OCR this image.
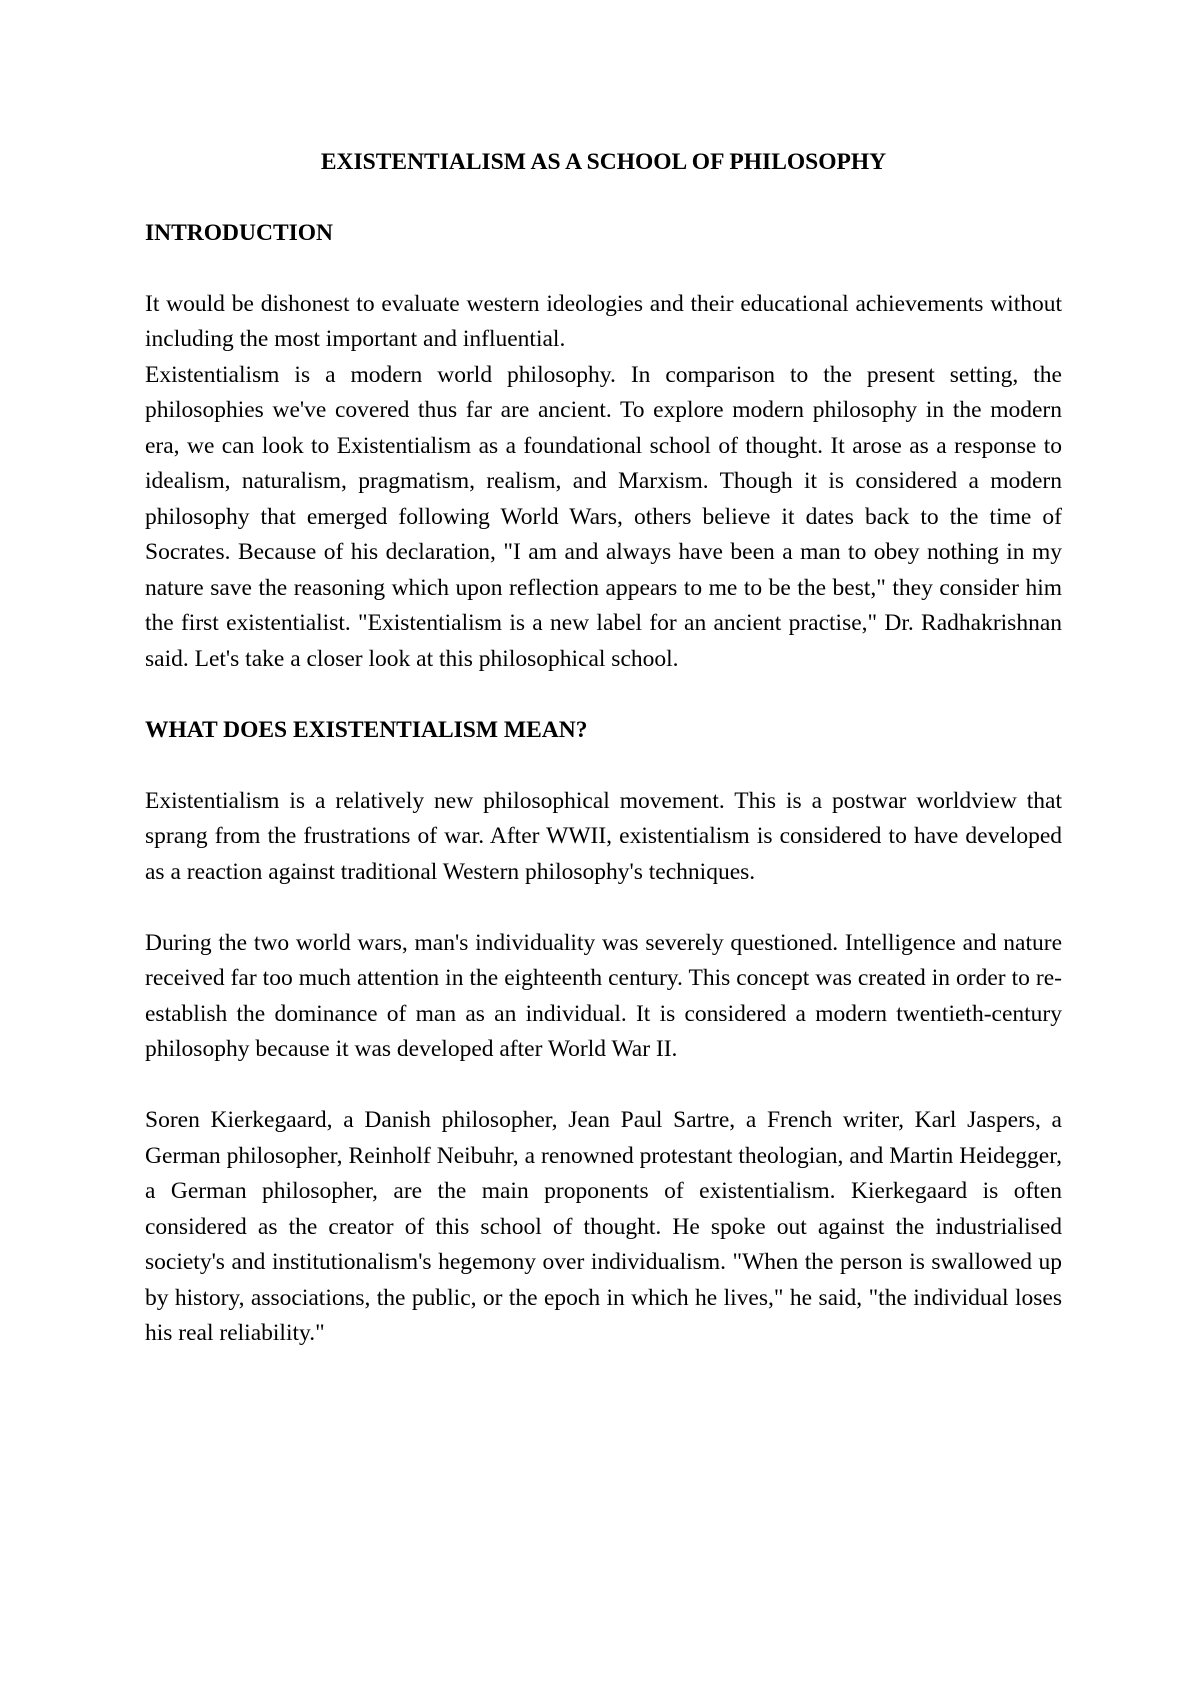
EXISTENTIALISM AS A SCHOOL OF PHILOSOPHY
INTRODUCTION

It would be dishonest to evaluate western ideologies and their educational achievements without including the most important and influential.

Existentialism is a modern world philosophy. In comparison to the present setting, the philosophies we've covered thus far are ancient. To explore modern philosophy in the modern era, we can look to Existentialism as a foundational school of thought. It arose as a response to idealism, naturalism, pragmatism, realism, and Marxism. Though it is considered a modern philosophy that emerged following World Wars, others believe it dates back to the time of Socrates. Because of his declaration, "I am and always have been a man to obey nothing in my nature save the reasoning which upon reflection appears to me to be the best," they consider him the first existentialist. "Existentialism is a new label for an ancient practise," Dr. Radhakrishnan said. Let's take a closer look at this philosophical school.

WHAT DOES EXISTENTIALISM MEAN?

Existentialism is a relatively new philosophical movement. This is a postwar worldview that sprang from the frustrations of war. After WWII, existentialism is considered to have developed as a reaction against traditional Western philosophy's techniques.

During the two world wars, man's individuality was severely questioned. Intelligence and nature received far too much attention in the eighteenth century. This concept was created in order to re-establish the dominance of man as an individual. It is considered a modern twentieth-century philosophy because it was developed after World War II.

Soren Kierkegaard, a Danish philosopher, Jean Paul Sartre, a French writer, Karl Jaspers, a German philosopher, Reinholf Neibuhr, a renowned protestant theologian, and Martin Heidegger, a German philosopher, are the main proponents of existentialism. Kierkegaard is often considered as the creator of this school of thought. He spoke out against the industrialised society's and institutionalism's hegemony over individualism. "When the person is swallowed up by history, associations, the public, or the epoch in which he lives," he said, "the individual loses his real reliability."
